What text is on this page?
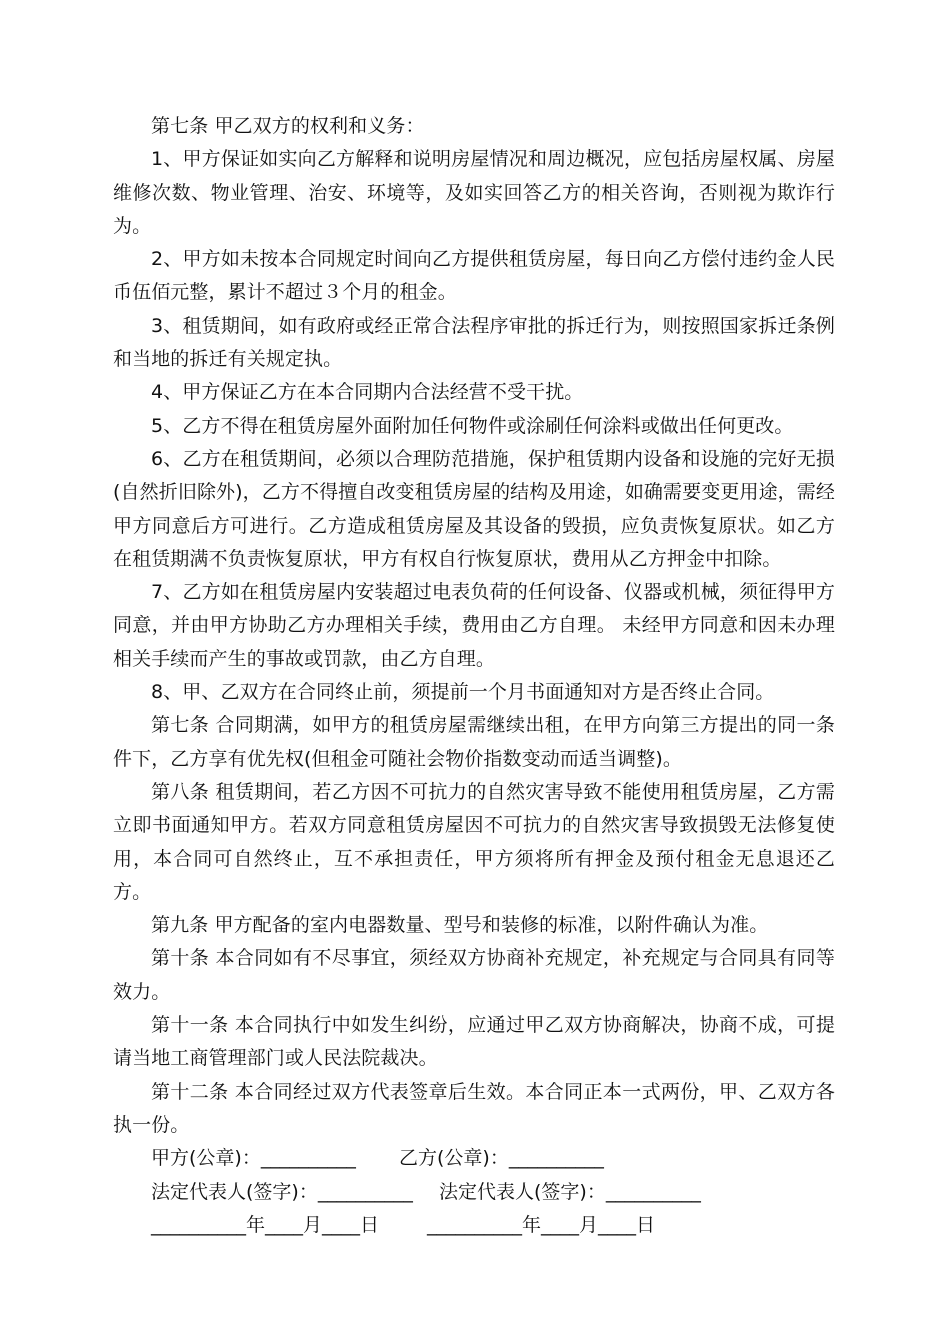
第七条 甲乙双方的权利和义务：

1、甲方保证如实向乙方解释和说明房屋情况和周边概况，应包括房屋权属、房屋维修次数、物业管理、治安、环境等，及如实回答乙方的相关咨询，否则视为欺诈行为。

2、甲方如未按本合同规定时间向乙方提供租赁房屋，每日向乙方偿付违约金人民币伍佰元整，累计不超过３个月的租金。

3、租赁期间，如有政府或经正常合法程序审批的拆迁行为，则按照国家拆迁条例和当地的拆迁有关规定执。

4、甲方保证乙方在本合同期内合法经营不受干扰。

5、乙方不得在租赁房屋外面附加任何物件或涂刷任何涂料或做出任何更改。

6、乙方在租赁期间，必须以合理防范措施，保护租赁期内设备和设施的完好无损(自然折旧除外)，乙方不得擅自改变租赁房屋的结构及用途，如确需要变更用途，需经甲方同意后方可进行。乙方造成租赁房屋及其设备的毁损，应负责恢复原状。如乙方在租赁期满不负责恢复原状，甲方有权自行恢复原状，费用从乙方押金中扣除。

7、乙方如在租赁房屋内安装超过电表负荷的任何设备、仪器或机械，须征得甲方同意，并由甲方协助乙方办理相关手续，费用由乙方自理。 未经甲方同意和因未办理相关手续而产生的事故或罚款，由乙方自理。

8、甲、乙双方在合同终止前，须提前一个月书面通知对方是否终止合同。

第七条 合同期满，如甲方的租赁房屋需继续出租，在甲方向第三方提出的同一条件下，乙方享有优先权(但租金可随社会物价指数变动而适当调整)。

第八条 租赁期间，若乙方因不可抗力的自然灾害导致不能使用租赁房屋，乙方需立即书面通知甲方。若双方同意租赁房屋因不可抗力的自然灾害导致损毁无法修复使用，本合同可自然终止，互不承担责任，甲方须将所有押金及预付租金无息退还乙方。

第九条 甲方配备的室内电器数量、型号和装修的标准，以附件确认为准。

第十条 本合同如有不尽事宜，须经双方协商补充规定，补充规定与合同具有同等效力。

第十一条 本合同执行中如发生纠纷，应通过甲乙双方协商解决，协商不成，可提请当地工商管理部门或人民法院裁决。

第十二条 本合同经过双方代表签章后生效。本合同正本一式两份，甲、乙双方各执一份。

甲方(公章)：__________ 乙方(公章)：__________
法定代表人(签字)：__________ 法定代表人(签字)：__________
__________年____月____日	__________年____月____日
